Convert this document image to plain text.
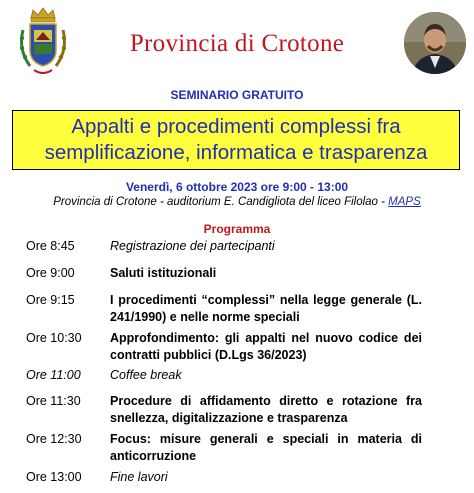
Provincia di Crotone
SEMINARIO GRATUITO
Appalti e procedimenti complessi fra
semplificazione, informatica e trasparenza
Venerdì, 6 ottobre 2023 ore 9:00 - 13:00
Provincia di Crotone - auditorium E. Candigliota del liceo Filolao - MAPS
Programma
Ore 8:45	Registrazione dei partecipanti
Ore 9:00	Saluti istituzionali
Ore 9:15	I procedimenti “complessi” nella legge generale (L. 241/1990) e nelle norme speciali
Ore 10:30	Approfondimento: gli appalti nel nuovo codice dei contratti pubblici (D.Lgs 36/2023)
Ore 11:00	Coffee break
Ore 11:30	Procedure di affidamento diretto e rotazione fra snellezza, digitalizzazione e trasparenza
Ore 12:30	Focus: misure generali e speciali in materia di anticorruzione
Ore 13:00	Fine lavori
